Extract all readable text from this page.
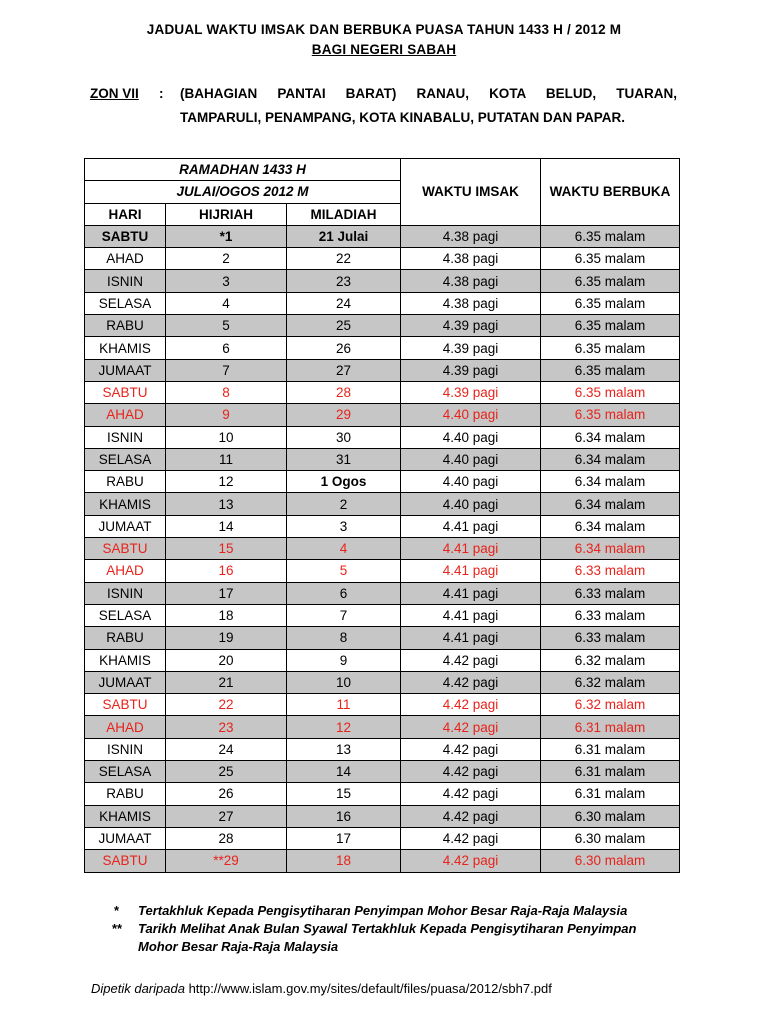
JADUAL WAKTU IMSAK DAN BERBUKA PUASA TAHUN 1433 H / 2012 M
BAGI NEGERI SABAH
ZON VII : (BAHAGIAN PANTAI BARAT) RANAU, KOTA BELUD, TUARAN,
TAMPARULI, PENAMPANG, KOTA KINABALU, PUTATAN DAN PAPAR.
RAMADHAN 1433 H			WAKTU IMSAK	WAKTU BERBUKA
JULAI/OGOS 2012 M				
HARI	HIJRIAH	MILADIAH		
SABTU	*1	21 Julai	4.38 pagi	6.35 malam
AHAD	2	22	4.38 pagi	6.35 malam
ISNIN	3	23	4.38 pagi	6.35 malam
SELASA	4	24	4.38 pagi	6.35 malam
RABU	5	25	4.39 pagi	6.35 malam
KHAMIS	6	26	4.39 pagi	6.35 malam
JUMAAT	7	27	4.39 pagi	6.35 malam
SABTU	8	28	4.39 pagi	6.35 malam
AHAD	9	29	4.40 pagi	6.35 malam
ISNIN	10	30	4.40 pagi	6.34 malam
SELASA	11	31	4.40 pagi	6.34 malam
RABU	12	1 Ogos	4.40 pagi	6.34 malam
KHAMIS	13	2	4.40 pagi	6.34 malam
JUMAAT	14	3	4.41 pagi	6.34 malam
SABTU	15	4	4.41 pagi	6.34 malam
AHAD	16	5	4.41 pagi	6.33 malam
ISNIN	17	6	4.41 pagi	6.33 malam
SELASA	18	7	4.41 pagi	6.33 malam
RABU	19	8	4.41 pagi	6.33 malam
KHAMIS	20	9	4.42 pagi	6.32 malam
JUMAAT	21	10	4.42 pagi	6.32 malam
SABTU	22	11	4.42 pagi	6.32 malam
AHAD	23	12	4.42 pagi	6.31 malam
ISNIN	24	13	4.42 pagi	6.31 malam
SELASA	25	14	4.42 pagi	6.31 malam
RABU	26	15	4.42 pagi	6.31 malam
KHAMIS	27	16	4.42 pagi	6.30 malam
JUMAAT	28	17	4.42 pagi	6.30 malam
SABTU	**29	18	4.42 pagi	6.30 malam
* Tertakhluk Kepada Pengisytiharan Penyimpan Mohor Besar Raja-Raja Malaysia
** Tarikh Melihat Anak Bulan Syawal Tertakhluk Kepada Pengisytiharan Penyimpan
Mohor Besar Raja-Raja Malaysia
Dipetik daripada http://www.islam.gov.my/sites/default/files/puasa/2012/sbh7.pdf
